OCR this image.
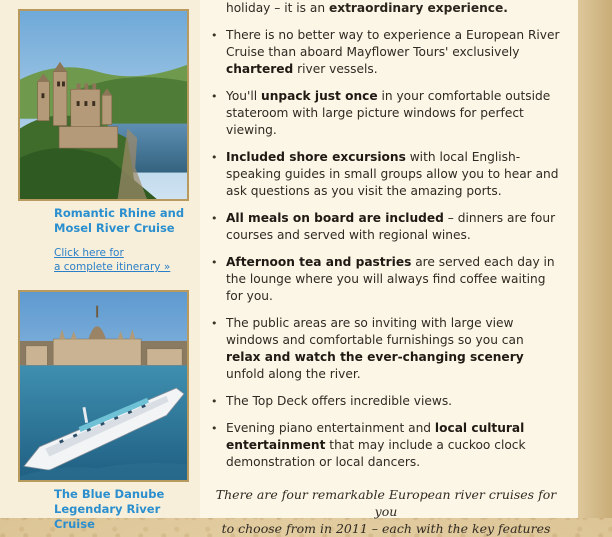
Romantic Rhine and
Mosel River Cruise
Click here for
a complete itinerary »
The Blue Danube
Legendary River Cruise
holiday – it is an extraordinary experience.
• There is no better way to experience a European River Cruise than aboard Mayflower Tours' exclusively chartered river vessels.
• You'll unpack just once in your comfortable outside stateroom with large picture windows for perfect viewing.
• Included shore excursions with local English-speaking guides in small groups allow you to hear and ask questions as you visit the amazing ports.
• All meals on board are included – dinners are four courses and served with regional wines.
• Afternoon tea and pastries are served each day in the lounge where you will always find coffee waiting for you.
• The public areas are so inviting with large view windows and comfortable furnishings so you can relax and watch the ever-changing scenery unfold along the river.
• The Top Deck offers incredible views.
• Evening piano entertainment and local cultural entertainment that may include a cuckoo clock demonstration or local dancers.
There are four remarkable European river cruises for you
to choose from in 2011 – each with the key features
